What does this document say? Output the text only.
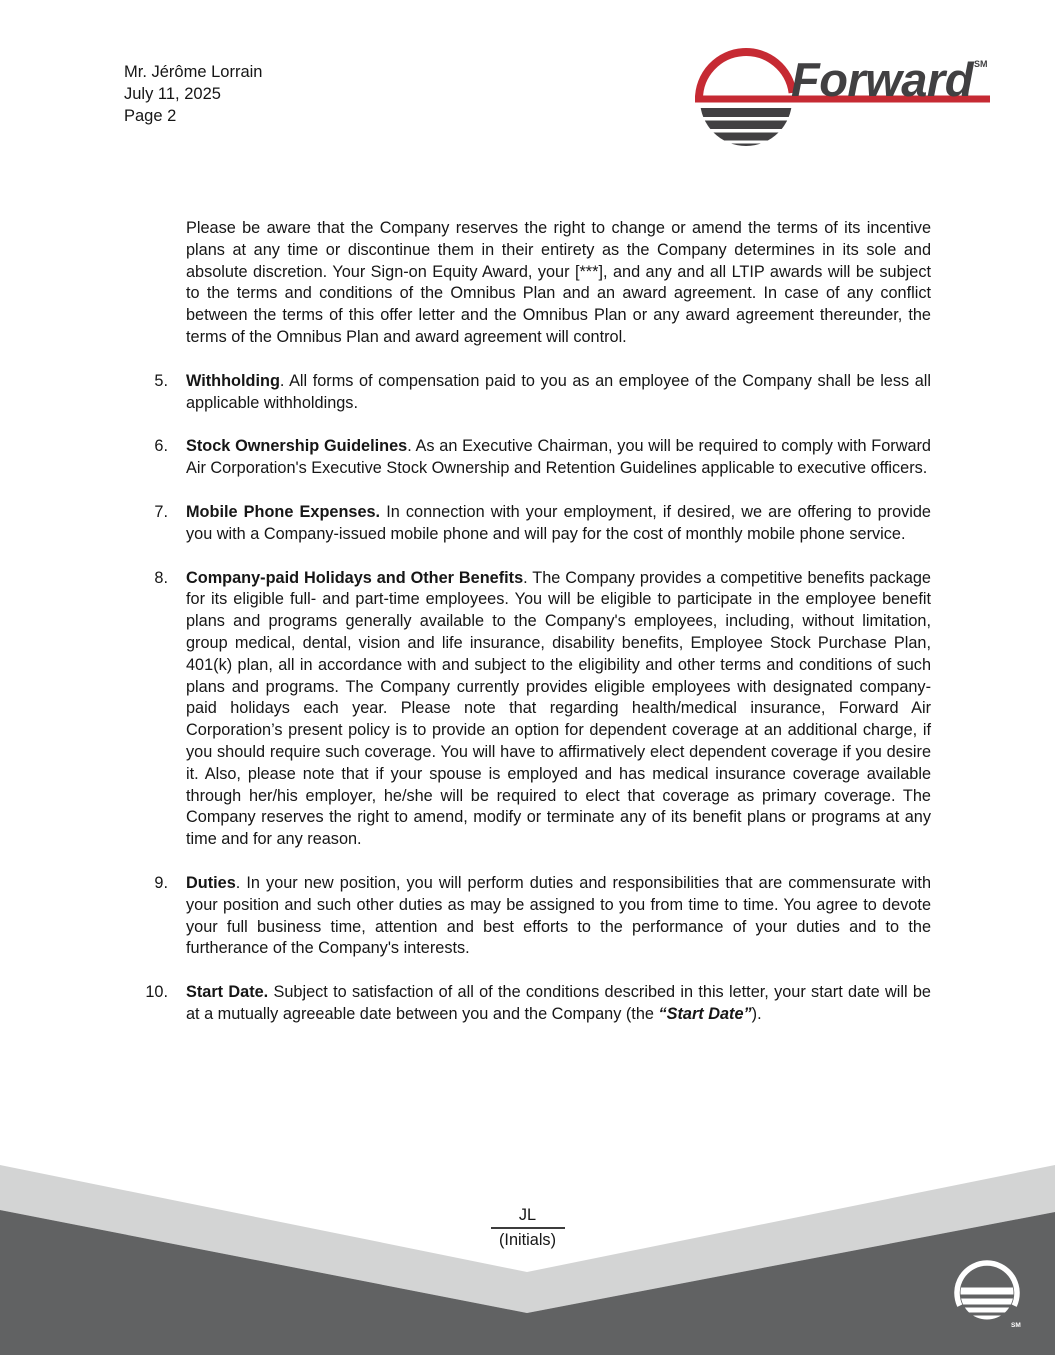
Mr. Jérôme Lorrain
July 11, 2025
Page 2
Forward SM

Please be aware that the Company reserves the right to change or amend the terms of its incentive plans at any time or discontinue them in their entirety as the Company determines in its sole and absolute discretion. Your Sign-on Equity Award, your [***], and any and all LTIP awards will be subject to the terms and conditions of the Omnibus Plan and an award agreement. In case of any conflict between the terms of this offer letter and the Omnibus Plan or any award agreement thereunder, the terms of the Omnibus Plan and award agreement will control.

5. Withholding. All forms of compensation paid to you as an employee of the Company shall be less all applicable withholdings.
6. Stock Ownership Guidelines. As an Executive Chairman, you will be required to comply with Forward Air Corporation's Executive Stock Ownership and Retention Guidelines applicable to executive officers.
7. Mobile Phone Expenses. In connection with your employment, if desired, we are offering to provide you with a Company-issued mobile phone and will pay for the cost of monthly mobile phone service.
8. Company-paid Holidays and Other Benefits. The Company provides a competitive benefits package for its eligible full- and part-time employees. You will be eligible to participate in the employee benefit plans and programs generally available to the Company's employees, including, without limitation, group medical, dental, vision and life insurance, disability benefits, Employee Stock Purchase Plan, 401(k) plan, all in accordance with and subject to the eligibility and other terms and conditions of such plans and programs. The Company currently provides eligible employees with designated company-paid holidays each year. Please note that regarding health/medical insurance, Forward Air Corporation’s present policy is to provide an option for dependent coverage at an additional charge, if you should require such coverage. You will have to affirmatively elect dependent coverage if you desire it. Also, please note that if your spouse is employed and has medical insurance coverage available through her/his employer, he/she will be required to elect that coverage as primary coverage. The Company reserves the right to amend, modify or terminate any of its benefit plans or programs at any time and for any reason.
9. Duties. In your new position, you will perform duties and responsibilities that are commensurate with your position and such other duties as may be assigned to you from time to time. You agree to devote your full business time, attention and best efforts to the performance of your duties and to the furtherance of the Company's interests.
10. Start Date. Subject to satisfaction of all of the conditions described in this letter, your start date will be at a mutually agreeable date between you and the Company (the “Start Date”).
JL
(Initials)
SM
